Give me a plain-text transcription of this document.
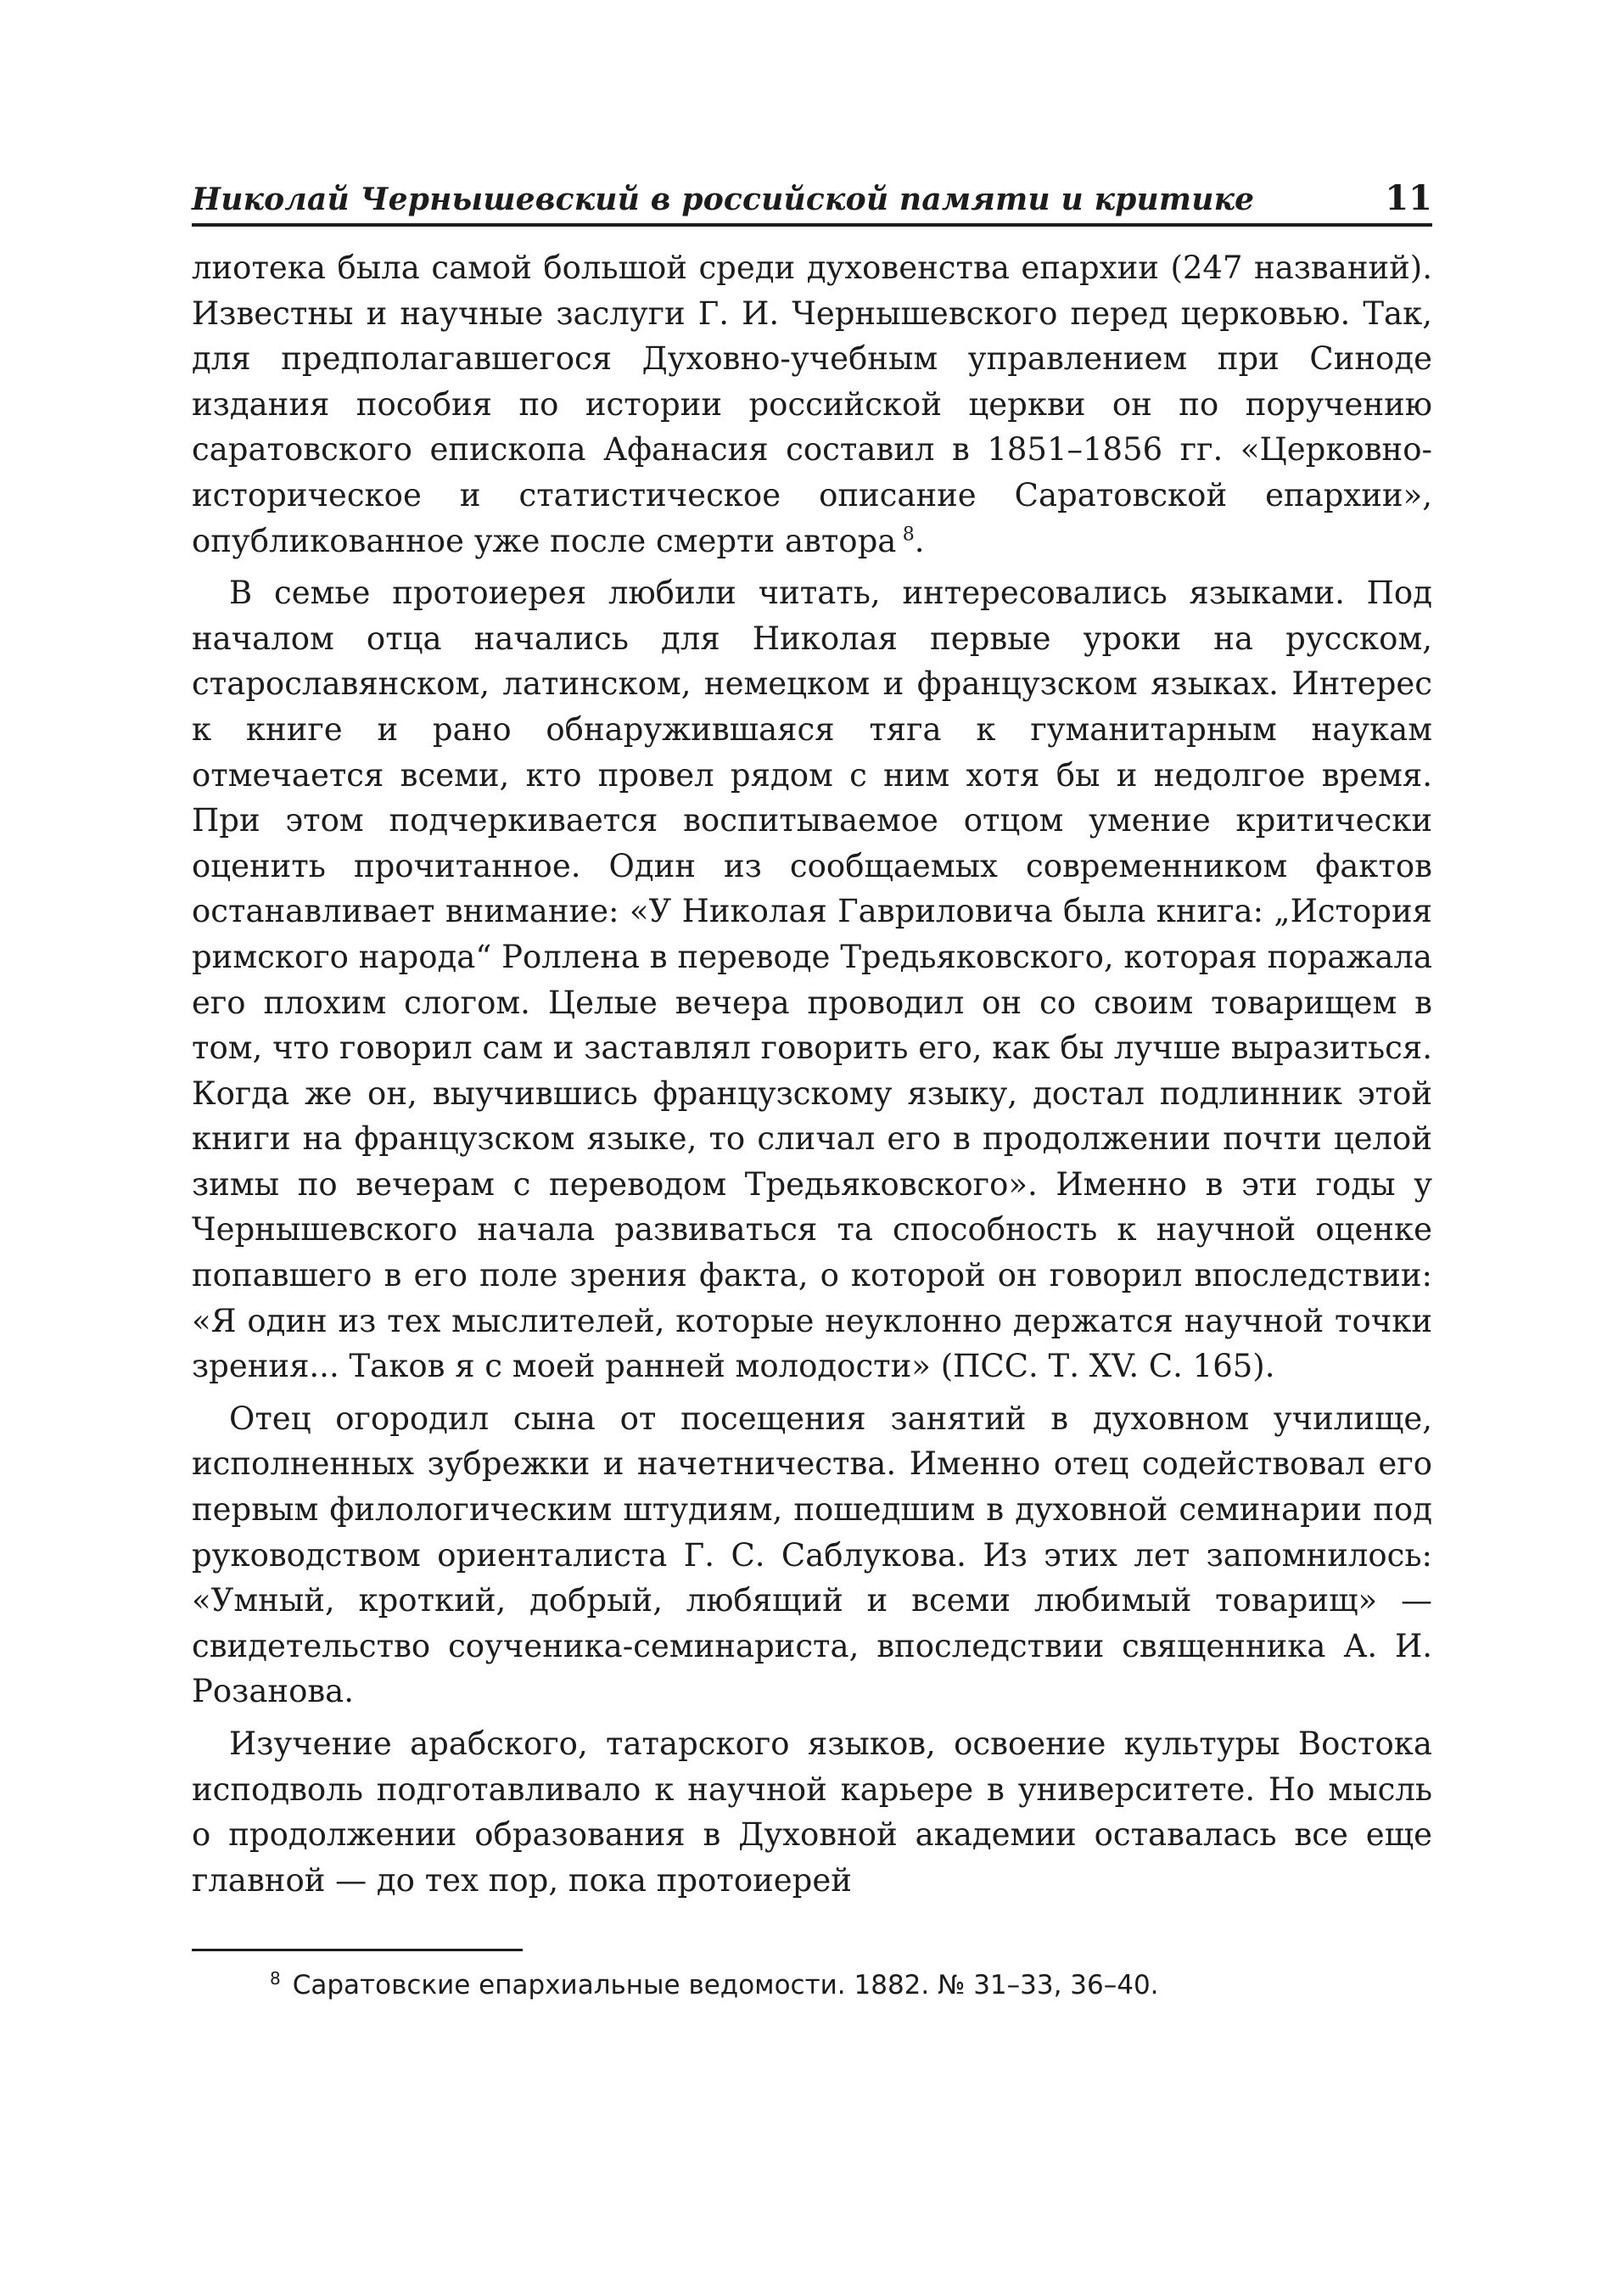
Николай Чернышевский в российской памяти и критике	11

лиотека была самой большой среди духовенства епархии (247 названий). Известны и научные заслуги Г. И. Чернышевского перед церковью. Так, для предполагавшегося Духовно-учебным управлением при Синоде издания пособия по истории российской церкви он по поручению саратовского епископа Афанасия составил в 1851–1856 гг. «Церковно-историческое и статистическое описание Саратовской епархии», опубликованное уже после смерти автора  $^8$.

В семье протоиерея любили читать, интересовались языками. Под началом отца начались для Николая первые уроки на русском, старославянском, латинском, немецком и французском языках. Интерес к книге и рано обнаружившаяся тяга к гуманитарным наукам отмечается всеми, кто провел рядом с ним хотя бы и недолгое время. При этом подчеркивается воспитываемое отцом умение критически оценить прочитанное. Один из сообщаемых современником фактов останавливает внимание: «У Николая Гавриловича была книга: „История римского народа“ Роллена в переводе Тредьяковского, которая поражала его плохим слогом. Целые вечера проводил он со своим товарищем в том, что говорил сам и заставлял говорить его, как бы лучше выразиться. Когда же он, выучившись французскому языку, достал подлинник этой книги на французском языке, то сличал его в продолжении почти целой зимы по вечерам с переводом Тредьяковского». Именно в эти годы у Чернышевского начала развиваться та способность к научной оценке попавшего в его поле зрения факта, о которой он говорил впоследствии: «Я один из тех мыслителей, которые неуклонно держатся научной точки зрения... Таков я с моей ранней молодости» (ПСС. Т. XV. С. 165).

Отец огородил сына от посещения занятий в духовном училище, исполненных зубрежки и начетничества. Именно отец содействовал его первым филологическим штудиям, пошедшим в духовной семинарии под руководством ориенталиста Г. С. Саблукова. Из этих лет запомнилось: «Умный, кроткий, добрый, любящий и всеми любимый товарищ» — свидетельство соученика-семинариста, впоследствии священника А. И. Розанова.

Изучение арабского, татарского языков, освоение культуры Востока исподволь подготавливало к научной карьере в университете. Но мысль о продолжении образования в Духовной академии оставалась все еще главной — до тех пор, пока протоиерей

$^8$ Саратовские епархиальные ведомости. 1882. № 31–33, 36–40.
